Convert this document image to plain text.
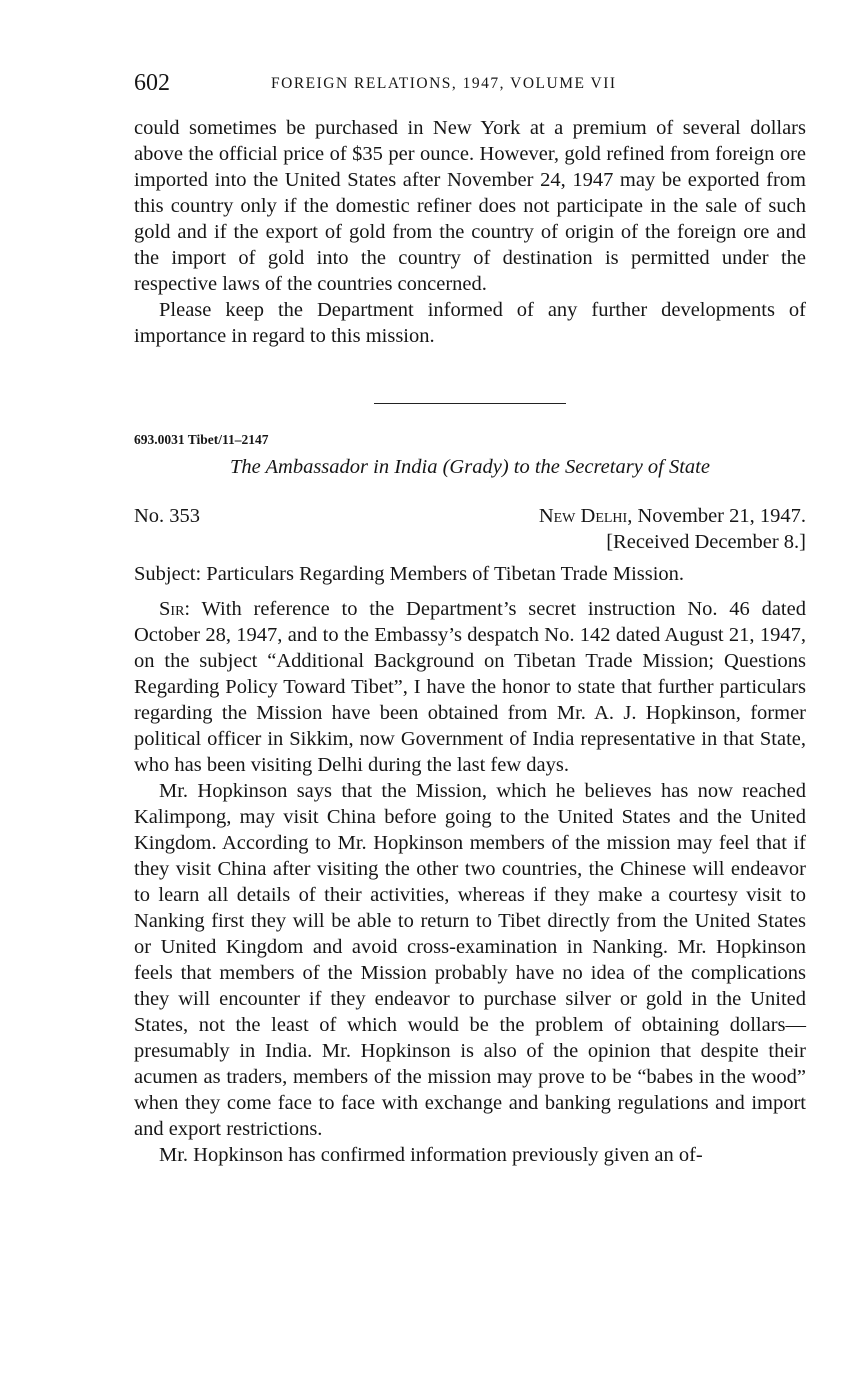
602	FOREIGN RELATIONS, 1947, VOLUME VII

could sometimes be purchased in New York at a premium of several dollars above the official price of $35 per ounce. However, gold refined from foreign ore imported into the United States after November 24, 1947 may be exported from this country only if the domestic refiner does not participate in the sale of such gold and if the export of gold from the country of origin of the foreign ore and the import of gold into the country of destination is permitted under the respective laws of the countries concerned.

Please keep the Department informed of any further developments of importance in regard to this mission.

693.0031 Tibet/11–2147
The Ambassador in India (Grady) to the Secretary of State
No. 353	New Delhi, November 21, 1947.
[Received December 8.]
Subject: Particulars Regarding Members of Tibetan Trade Mission.

Sir: With reference to the Department’s secret instruction No. 46 dated October 28, 1947, and to the Embassy’s despatch No. 142 dated August 21, 1947, on the subject “Additional Background on Tibetan Trade Mission; Questions Regarding Policy Toward Tibet”, I have the honor to state that further particulars regarding the Mission have been obtained from Mr. A. J. Hopkinson, former political officer in Sikkim, now Government of India representative in that State, who has been visiting Delhi during the last few days.

Mr. Hopkinson says that the Mission, which he believes has now reached Kalimpong, may visit China before going to the United States and the United Kingdom. According to Mr. Hopkinson members of the mission may feel that if they visit China after visiting the other two countries, the Chinese will endeavor to learn all details of their activities, whereas if they make a courtesy visit to Nanking first they will be able to return to Tibet directly from the United States or United Kingdom and avoid cross-examination in Nanking. Mr. Hopkinson feels that members of the Mission probably have no idea of the complications they will encounter if they endeavor to purchase silver or gold in the United States, not the least of which would be the problem of obtaining dollars—presumably in India. Mr. Hopkinson is also of the opinion that despite their acumen as traders, members of the mission may prove to be “babes in the wood” when they come face to face with exchange and banking regulations and import and export restrictions.

Mr. Hopkinson has confirmed information previously given an of-
